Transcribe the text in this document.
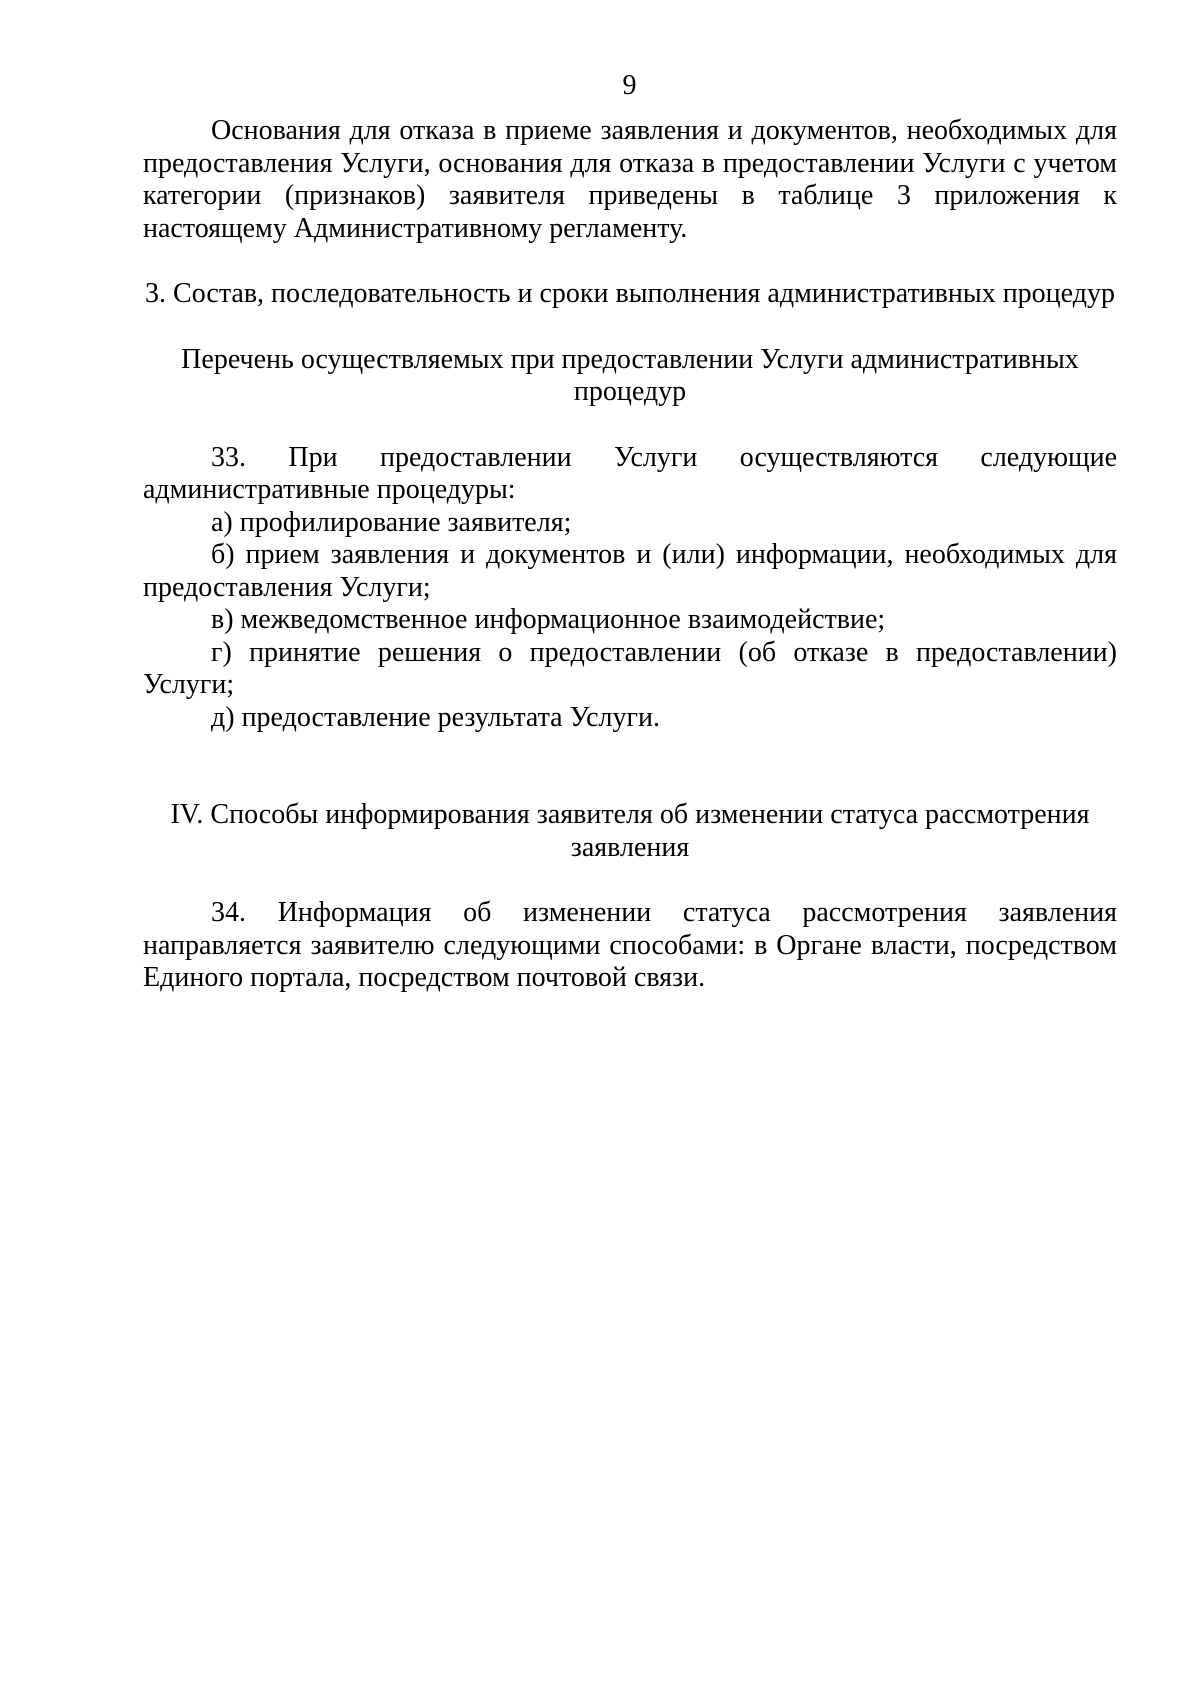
9

Основания для отказа в приеме заявления и документов, необходимых для предоставления Услуги, основания для отказа в предоставлении Услуги с учетом категории (признаков) заявителя приведены в таблице 3 приложения к настоящему Административному регламенту.

3. Состав, последовательность и сроки выполнения административных процедур

Перечень осуществляемых при предоставлении Услуги административных процедур

33. При предоставлении Услуги осуществляются следующие административные процедуры:

а) профилирование заявителя;

б) прием заявления и документов и (или) информации, необходимых для предоставления Услуги;

в) межведомственное информационное взаимодействие;

г) принятие решения о предоставлении (об отказе в предоставлении) Услуги;

д) предоставление результата Услуги.

IV. Способы информирования заявителя об изменении статуса рассмотрения заявления

34. Информация об изменении статуса рассмотрения заявления направляется заявителю следующими способами: в Органе власти, посредством Единого портала, посредством почтовой связи.
